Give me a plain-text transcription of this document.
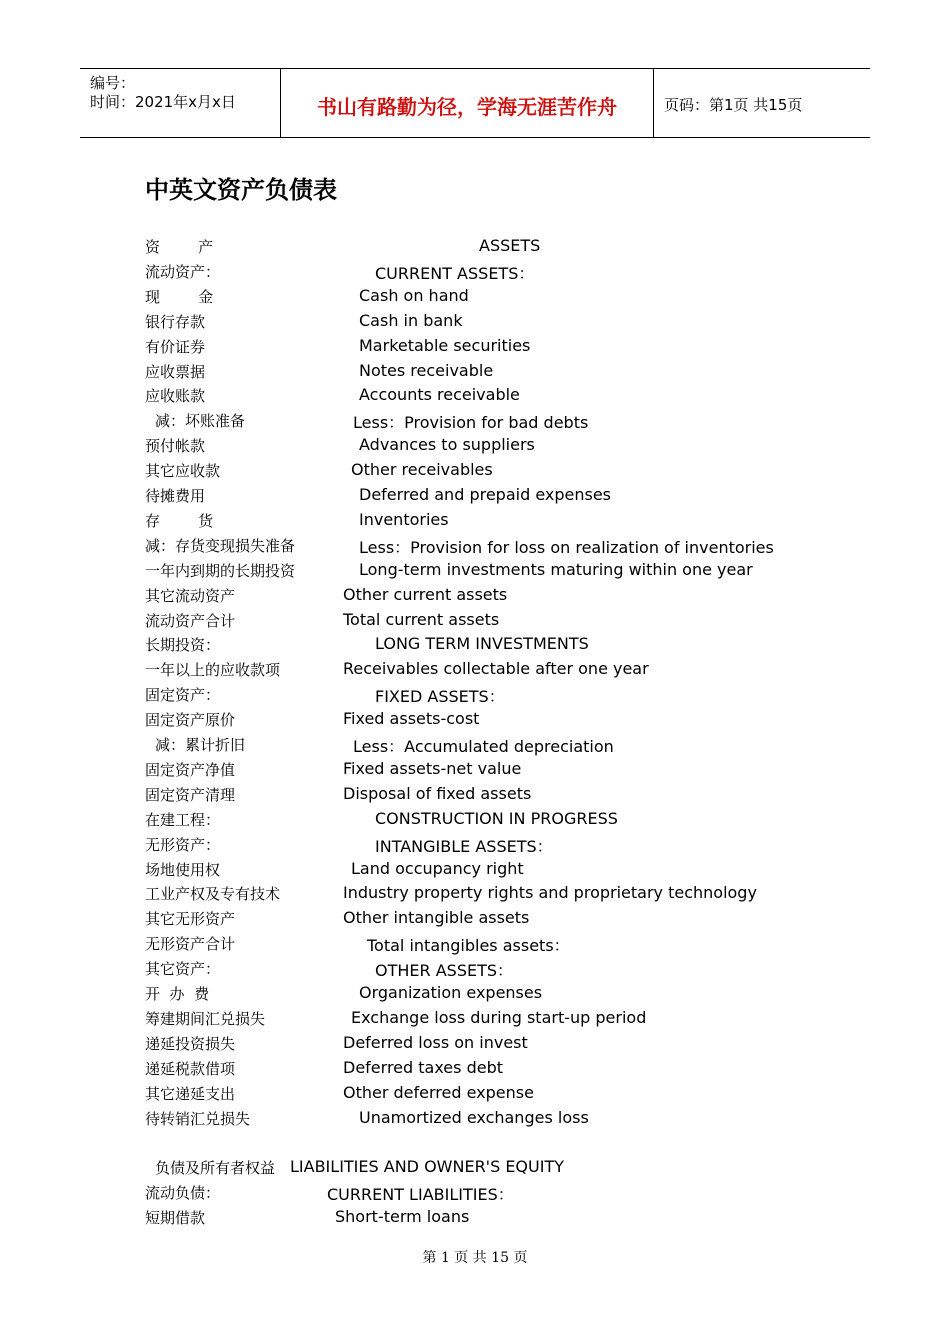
编号：
时间：2021年x月x日	书山有路勤为径，学海无涯苦作舟	页码：第1页 共15页
中英文资产负债表
资        产	ASSETS
流动资产：	CURRENT ASSETS：
现        金	Cash on hand
银行存款	Cash in bank
有价证券	Marketable securities
应收票据	Notes receivable
应收账款	Accounts receivable
减：坏账准备	Less：Provision for bad debts
预付帐款	Advances to suppliers
其它应收款	Other receivables
待摊费用	Deferred and prepaid expenses
存        货	Inventories
减：存货变现损失准备	Less：Provision for loss on realization of inventories
一年内到期的长期投资	Long-term investments maturing within one year
其它流动资产	Other current assets
流动资产合计	Total current assets
长期投资：	LONG TERM INVESTMENTS
一年以上的应收款项	Receivables collectable after one year
固定资产：	FIXED ASSETS：
固定资产原价	Fixed assets-cost
减：累计折旧	Less：Accumulated depreciation
固定资产净值	Fixed assets-net value
固定资产清理	Disposal of fixed assets
在建工程：	CONSTRUCTION IN PROGRESS
无形资产：	INTANGIBLE ASSETS：
场地使用权	Land occupancy right
工业产权及专有技术	Industry property rights and proprietary technology
其它无形资产	Other intangible assets
无形资产合计	Total intangibles assets：
其它资产：	OTHER ASSETS：
开  办  费	Organization expenses
筹建期间汇兑损失	Exchange loss during start-up period
递延投资损失	Deferred loss on invest
递延税款借项	Deferred taxes debt
其它递延支出	Other deferred expense
待转销汇兑损失	Unamortized exchanges loss
负债及所有者权益 LIABILITIES AND OWNER'S EQUITY
流动负债：	CURRENT LIABILITIES：
短期借款	Short-term loans
第 1 页 共 15 页
